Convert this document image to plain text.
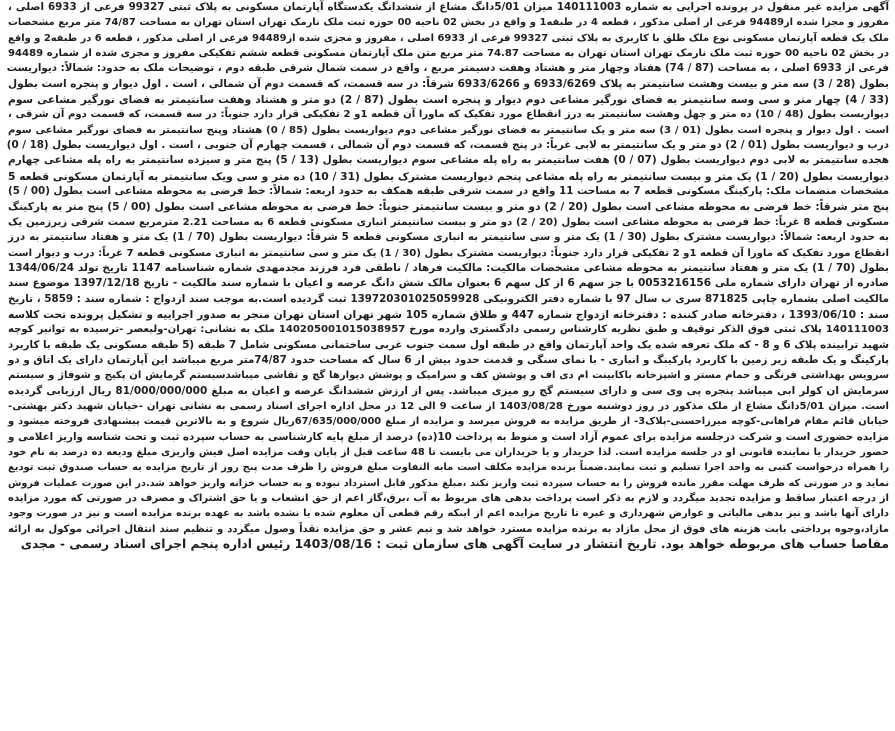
آگهی مزایده غیر منقول در پرونده اجرایی به شماره 140111003 میزان 5/01دانگ مشاع از ششدانگ یکدستگاه آپارتمان مسکونی به پلاک ثبتی 99327 فرعی از 6933 اصلی ،
مفروز و مجزا شده از94489 فرعی از اصلی مذکور ، قطعه 4 در طبقه1 و واقع در بخش 02 ناحیه 00 حوزه ثبت ملک نارمک تهران استان تهران به مساحت 74/87 متر مربع مشخصات
ملک یک قطعه آپارتمان مسکونی نوع ملک طلق با کاربری به پلاک ثبتی 99327 فرعی از 6933 اصلی ، مفروز و مجزی شده از94489 فرعی از اصلی مذکور ، قطعه 6 در طبقه2 و واقع
در بخش 02 ناحیه 00 حوزه ثبت ملک نارمک تهران استان تهران به مساحت 74.87 متر مربع متن ملک آپارتمان مسکونی قطعه ششم تفکیکی مفروز و مجزی شده از شماره 94489
فرعی از 6933 اصلی ، به مساحت (87 / 74) هفتاد وچهار متر و هشتاد وهفت دسیمتر مربع ، واقع در سمت شمال شرقی طبقه دوم ، توضیحات ملک به حدود: شمالاً: دیواریست
بطول (28 / 3) سه متر و بیست وهشت سانتیمتر به پلاک 6933/6269 و 6933/6266 شرقاً: در سه قسمت، که قسمت دوم آن شمالی ، است . اول دیوار و پنجره است بطول
(33 / 4) چهار متر و سی وسه سانتیمتر به فضای نورگیر مشاعی دوم دیوار و پنجره است بطول (87 / 2) دو متر و هشتاد وهفت سانتیمتر به فضای نورگیر مشاعی سوم
دیواریست بطول (48 / 10) ده متر و چهل وهشت سانتیمتر به درز انقطاع مورد تفکیک که ماورا آن قطعه 1و 2 تفکیکی قرار دارد جنوباً: در سه قسمت، که قسمت دوم آن شرقی ،
است . اول دیوار و پنجره است بطول (01 / 3) سه متر و یک سانتیمتر به فضای نورگیر مشاعی دوم دیواریست بطول (85 / 0) هشتاد وپنج سانتیمتر به فضای نورگیر مشاعی سوم
درب و دیواریست بطول (01 / 2) دو متر و یک سانتیمتر به لابی غرباً: در پنج قسمت، که قسمت دوم آن شمالی ، قسمت چهارم آن جنوبی ، است . اول دیواریست بطول (18 / 0)
هجده سانتیمتر به لابی دوم دیواریست بطول (07 / 0) هفت سانتیمتر به راه پله مشاعی سوم دیواریست بطول (13 / 5) پنج متر و سیزده سانتیمتر به راه پله مشاعی چهارم
دیواریست بطول (20 / 1) یک متر و بیست سانتیمتر به راه پله مشاعی پنجم دیواریست مشترک بطول (31 / 10) ده متر و سی ویک سانتیمتر به آپارتمان مسکونی قطعه 5
مشخصات منضمات ملک: پارکینگ مسکونی قطعه 7 به مساحت 11 واقع در سمت شرقی طبقه همکف به حدود اربعه: شمالاً: خط فرضی به محوطه مشاعی است بطول (00 / 5)
پنج متر شرقاً: خط فرضی به محوطه مشاعی است بطول (20 / 2) دو متر و بیست سانتیمتر جنوباً: خط فرضی به محوطه مشاعی است بطول (00 / 5) پنج متر به پارکینگ
مسکونی قطعه 8 غرباً: خط فرضی به محوطه مشاعی است بطول (20 / 2) دو متر و بیست سانتیمتر انباری مسکونی قطعه 6 به مساحت 2.21 مترمربع سمت شرقی زیرزمین یک
به حدود اربعه: شمالاً: دیواریست مشترک بطول (30 / 1) یک متر و سی سانتیمتر به انباری مسکونی قطعه 5 شرقاً: دیواریست بطول (70 / 1) یک متر و هفتاد سانتیمتر به درز
انقطاع مورد تفکیک که ماورا آن قطعه 1و 2 تفکیکی قرار دارد جنوباً: دیواریست مشترک بطول (30 / 1) یک متر و سی سانتیمتر به انباری مسکونی قطعه 7 غرباً: درب و دیوار است
بطول (70 / 1) یک متر و هفتاد سانتیمتر به محوطه مشاعی مشخصات مالکیت: مالکیت فرهاد / ناطقی فرد فرزند مجدمهدی شماره شناسنامه 1147 تاریخ تولد 1344/06/24
صادره از تهران دارای شماره ملی 0053216156 با جز سهم 6 از کل سهم 6 بعنوان مالک شش دانگ عرصه و اعیان با شماره سند مالکیت - تاریخ 1397/12/18 موضوع سند
مالکیت اصلی بشماره چاپی 871825 سری ب سال 97 با شماره دفتر الکترونیکی 139720301025059928 ثبت گردیده است.به موجب سند ازدواج : شماره سند : 5859 ، تاریخ
سند : 1393/06/10 ، دفترخانه صادر کننده : دفترخانه ازدواج شماره 447 و طلاق شماره 105 شهر تهران استان تهران منجر به صدور اجراییه و تشکیل پرونده تحت کلاسه
140111003 پلاک ثبتی فوق الذکر توقیف و طبق نظریه کارشناس رسمی دادگستری وارده مورخ 140205001015038957 ملک به نشانی: تهران-ولیعصر -ترسیده به توانیر کوچه
شهید ترابینده پلاک 6 و 8 - که ملک تعرفه شده یک واحد آپارتمان واقع در طبقه اول سمت جنوب غربی ساختمانی مسکونی شامل 7 طبقه (5 طبقه مسکونی یک طبقه با کاربرد
پارکینگ و یک طبقه زیر زمین با کاربرد پارکینگ و انباری - با نمای سنگی و قدمت حدود بیش از 6 سال که مساحت حدود 74/87متر مربع میباشد این آپارتمان دارای یک اتاق و دو
سرویس بهداشتی فرنگی و حمام مستر و اشپزخانه باکابینت ام دی اف و پوشش کف و سرامیک و پوشش دیوارها گچ و نقاشی میباشدسیستم گرمایش ان پکیج و شوفاژ و سیستم
سرمایش ان کولر ابی میباشد پنجره پی وی سی و دارای سیستم گچ رو میزی میباشد. پس از ارزش ششدانگ عرصه و اعیان به مبلغ 81/000/000/000 ریال ارزیابی گردیده
است. میزان 5/01دانگ مشاع از ملک مذکور در روز دوشنبه مورخ 1403/08/28 از ساعت 9 الی 12 در محل اداره اجرای اسناد رسمی به نشانی تهران -خیابان شهید دکتر بهشتی-
خیابان قائم مقام فراهانی-کوچه میرزاحسنی-پلاک3- از طریق مزایده به فروش میرسد و مزایده از مبلغ 67/635/000/000ریال شروع و به بالاترین قیمت پیشنهادی فروخته میشود و
مزایده حضوری است و شرکت درجلسه مزایده برای عموم آزاد است و منوط به پرداخت 10(ده) درصد از مبلغ پایه کارشناسی به حساب سپرده ثبت و تحت شناسه واریز اعلامی و
حضور خریدار یا نماینده قانونی او در جلسه مزایده است. لذا خریدار و یا خریداران می بایست تا 48 ساعت قبل از پایان وقت مزایده اصل فیش واریزی مبلغ ودیعه ده درصد به نام خود
را همراه درخواست کتبی به واحد اجرا تسلیم و ثبت نمایند.ضمناً برنده مزایده مکلف است مابه التفاوت مبلغ فروش را ظرف مدت پنج روز از تاریخ مزایده به حساب صندوق ثبت تودیع
نماید و در صورتی که ظرف مهلت مقرر مانده فروش را به حساب سپرده ثبت واریز نکند ،مبلغ مذکور قابل استرداد نبوده و به حساب خزانه واریز خواهد شد.در این صورت عملیات فروش
از درجه اعتبار ساقط و مزایده تجدید میگردد و لازم به ذکر است پرداخت بدهی های مربوط به آب ،برق،گاز اعم از حق انشعاب و یا حق اشتراک و مصرف در صورتی که مورد مزایده
دارای آنها باشد و نیز بدهی مالیاتی و عوارض شهرداری و غیره تا تاریخ مزایده اعم از اینکه رقم قطعی آن معلوم شده یا نشده باشد به عهده برنده مزایده است و نیز در صورت وجود
مازاد،وجوه پرداختی بابت هزینه های فوق از محل مازاد به برنده مزایده مسترد خواهد شد و نیم عشر و حق مزایده نقداً وصول میگردد و تنظیم سند انتقال اجرائی موکول به ارائه
مفاصا حساب های مربوطه خواهد بود. تاریخ انتشار در سایت آگهی های سازمان ثبت : 1403/08/16 رئیس اداره پنجم اجرای اسناد رسمی - مجدی
